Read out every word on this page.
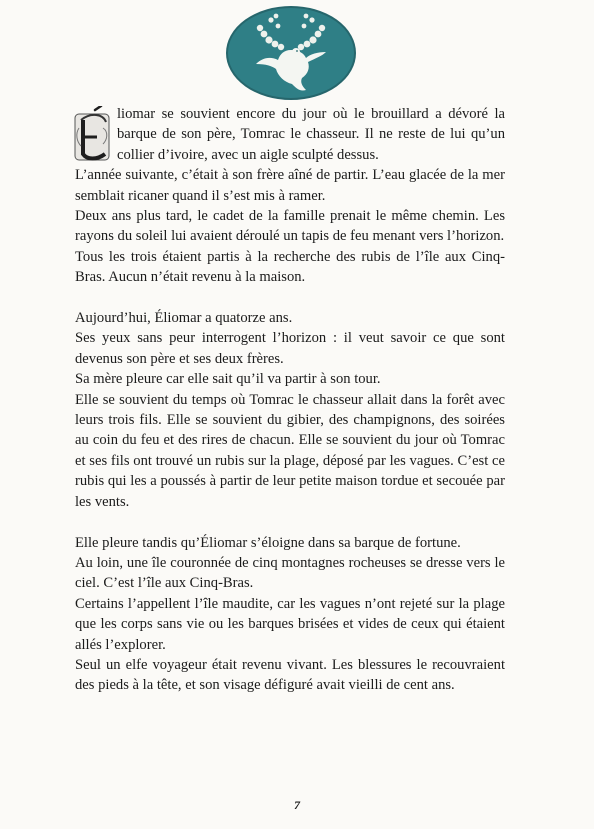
liomar se souvient encore du jour où le brouillard a dévoré la barque de son père, Tomrac le chasseur. Il ne reste de lui qu’un collier d’ivoire, avec un aigle sculpté dessus.

L’année suivante, c’était à son frère aîné de partir. L’eau glacée de la mer semblait ricaner quand il s’est mis à ramer.

Deux ans plus tard, le cadet de la famille prenait le même chemin. Les rayons du soleil lui avaient déroulé un tapis de feu menant vers l’horizon.

Tous les trois étaient partis à la recherche des rubis de l’île aux Cinq-Bras. Aucun n’était revenu à la maison.

Aujourd’hui, Éliomar a quatorze ans.

Ses yeux sans peur interrogent l’horizon : il veut savoir ce que sont devenus son père et ses deux frères.

Sa mère pleure car elle sait qu’il va partir à son tour.

Elle se souvient du temps où Tomrac le chasseur allait dans la forêt avec leurs trois fils. Elle se souvient du gibier, des champignons, des soirées au coin du feu et des rires de chacun. Elle se souvient du jour où Tomrac et ses fils ont trouvé un rubis sur la plage, déposé par les vagues. C’est ce rubis qui les a poussés à partir de leur petite maison tordue et secouée par les vents.

Elle pleure tandis qu’Éliomar s’éloigne dans sa barque de fortune.

Au loin, une île couronnée de cinq montagnes rocheuses se dresse vers le ciel. C’est l’île aux Cinq-Bras.

Certains l’appellent l’île maudite, car les vagues n’ont rejeté sur la plage que les corps sans vie ou les barques brisées et vides de ceux qui étaient allés l’explorer.

Seul un elfe voyageur était revenu vivant. Les blessures le recouvraient des pieds à la tête, et son visage défiguré avait vieilli de cent ans.

7
